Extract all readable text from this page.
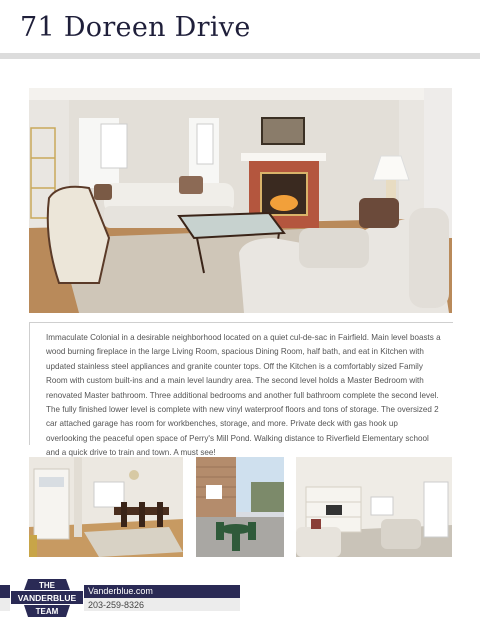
71 Doreen Drive

Immaculate Colonial in a desirable neighborhood located on a quiet cul-de-sac in Fairfield. Main level boasts a wood burning fireplace in the large Living Room, spacious Dining Room, half bath, and eat in Kitchen with updated stainless steel appliances and granite counter tops. Off the Kitchen is a comfortably sized Family Room with custom built-ins and a main level laundry area. The second level holds a Master Bedroom with renovated Master bathroom. Three additional bedrooms and another full bathroom complete the second level. The fully finished lower level is complete with new vinyl waterproof floors and tons of storage. The oversized 2 car attached garage has room for workbenches, storage, and more. Private deck with gas hook up overlooking the peaceful open space of Perry's Mill Pond. Walking distance to Riverfield Elementary school and a quick drive to train and town. A must see!

THE
VANDERBLUE
TEAM
Vanderblue.com
203-259-8326
